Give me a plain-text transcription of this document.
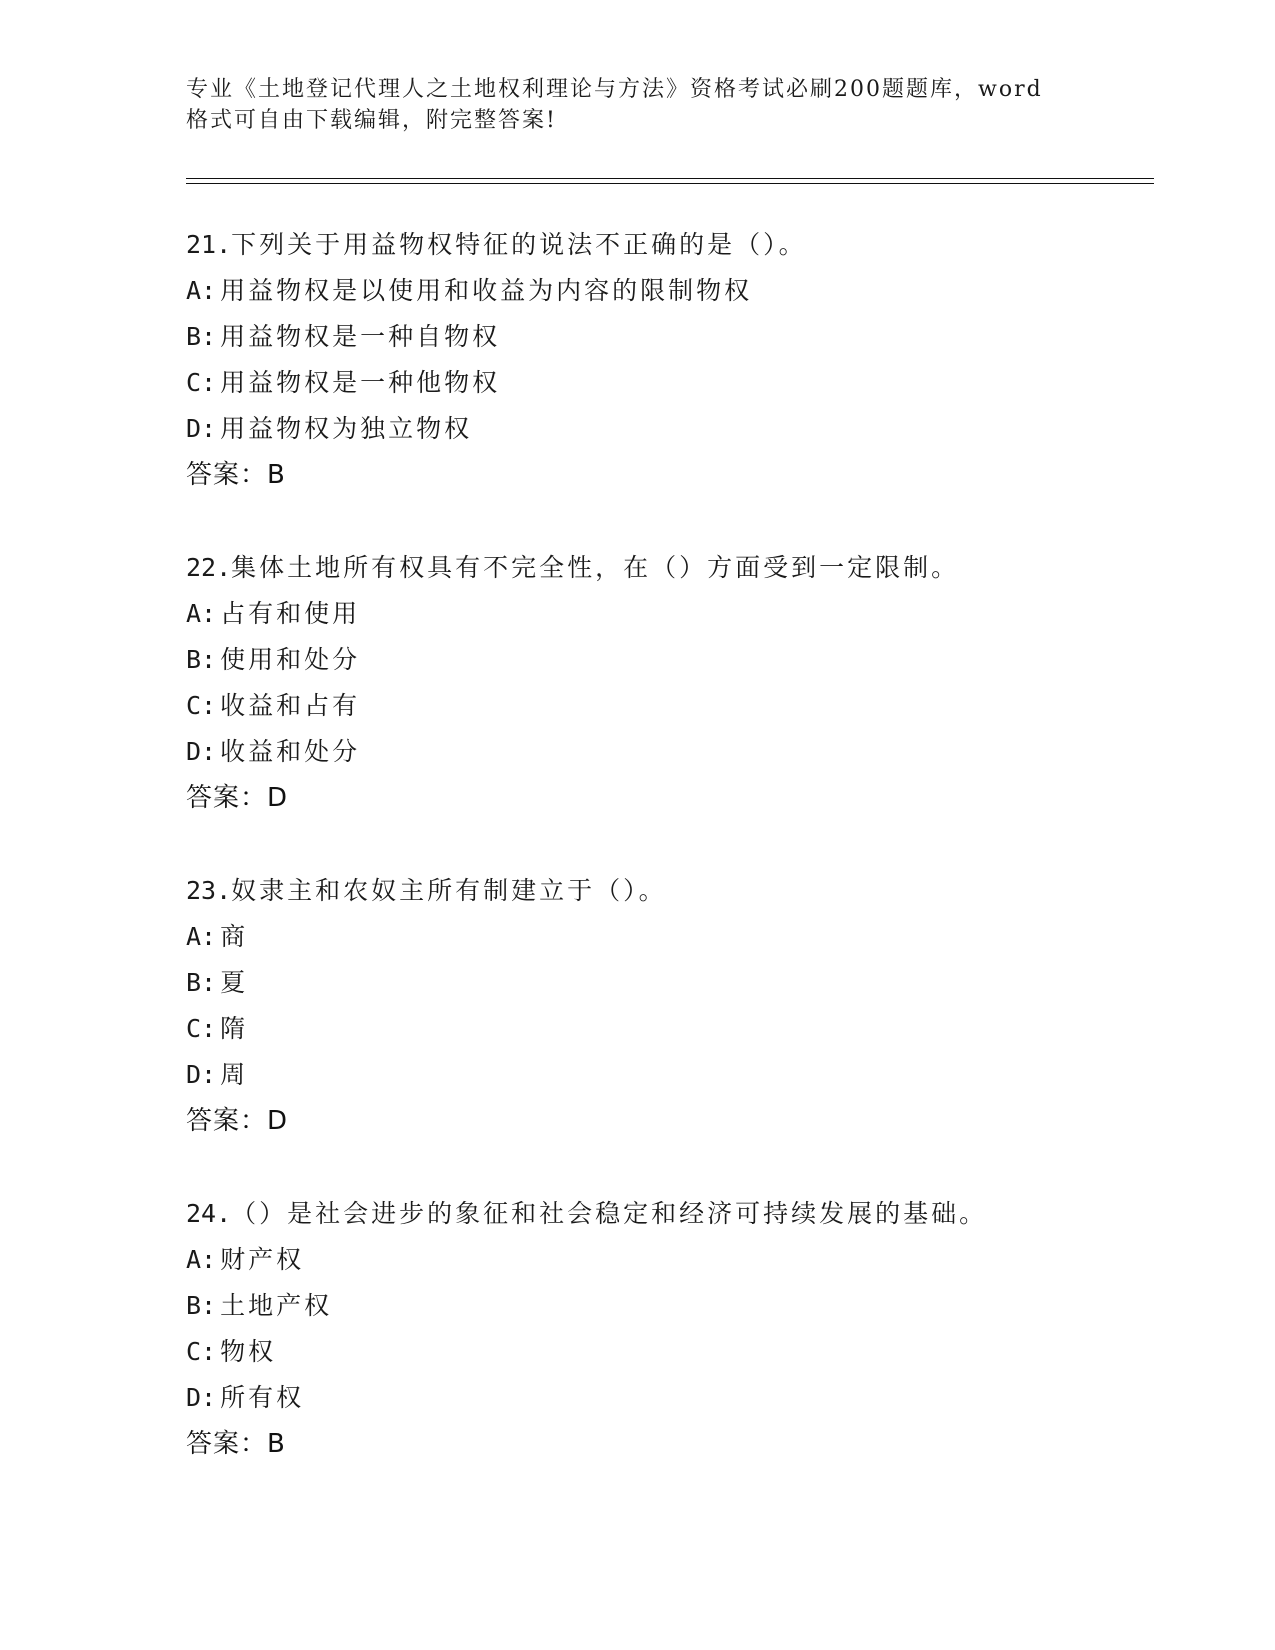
专业《土地登记代理人之土地权利理论与方法》资格考试必刷200题题库，word
格式可自由下载编辑，附完整答案!
21.下列关于用益物权特征的说法不正确的是（）。
A: 用益物权是以使用和收益为内容的限制物权
B: 用益物权是一种自物权
C: 用益物权是一种他物权
D: 用益物权为独立物权
答案：B
22.集体土地所有权具有不完全性，在（）方面受到一定限制。
A: 占有和使用
B: 使用和处分
C: 收益和占有
D: 收益和处分
答案：D
23.奴隶主和农奴主所有制建立于（）。
A: 商
B: 夏
C: 隋
D: 周
答案：D
24.（）是社会进步的象征和社会稳定和经济可持续发展的基础。
A: 财产权
B: 土地产权
C: 物权
D: 所有权
答案：B
